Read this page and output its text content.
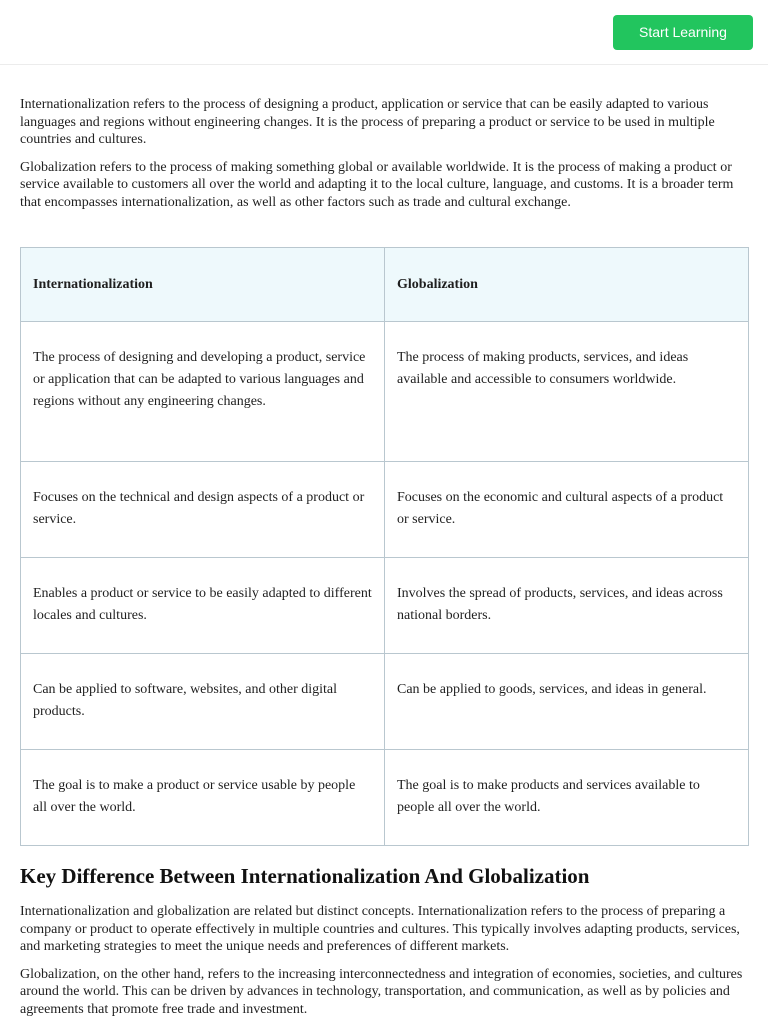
Start Learning

Internationalization refers to the process of designing a product, application or service that can be easily adapted to various languages and regions without engineering changes. It is the process of preparing a product or service to be used in multiple countries and cultures.

Globalization refers to the process of making something global or available worldwide. It is the process of making a product or service available to customers all over the world and adapting it to the local culture, language, and customs. It is a broader term that encompasses internationalization, as well as other factors such as trade and cultural exchange.

Internationalization	Globalization
The process of designing and developing a product, service or application that can be adapted to various languages and regions without any engineering changes.	The process of making products, services, and ideas available and accessible to consumers worldwide.
Focuses on the technical and design aspects of a product or service.	Focuses on the economic and cultural aspects of a product or service.
Enables a product or service to be easily adapted to different locales and cultures.	Involves the spread of products, services, and ideas across national borders.
Can be applied to software, websites, and other digital products.	Can be applied to goods, services, and ideas in general.
The goal is to make a product or service usable by people all over the world.	The goal is to make products and services available to people all over the world.
Key Difference Between Internationalization And Globalization

Internationalization and globalization are related but distinct concepts. Internationalization refers to the process of preparing a company or product to operate effectively in multiple countries and cultures. This typically involves adapting products, services, and marketing strategies to meet the unique needs and preferences of different markets.

Globalization, on the other hand, refers to the increasing interconnectedness and integration of economies, societies, and cultures around the world. This can be driven by advances in technology, transportation, and communication, as well as by policies and agreements that promote free trade and investment.
